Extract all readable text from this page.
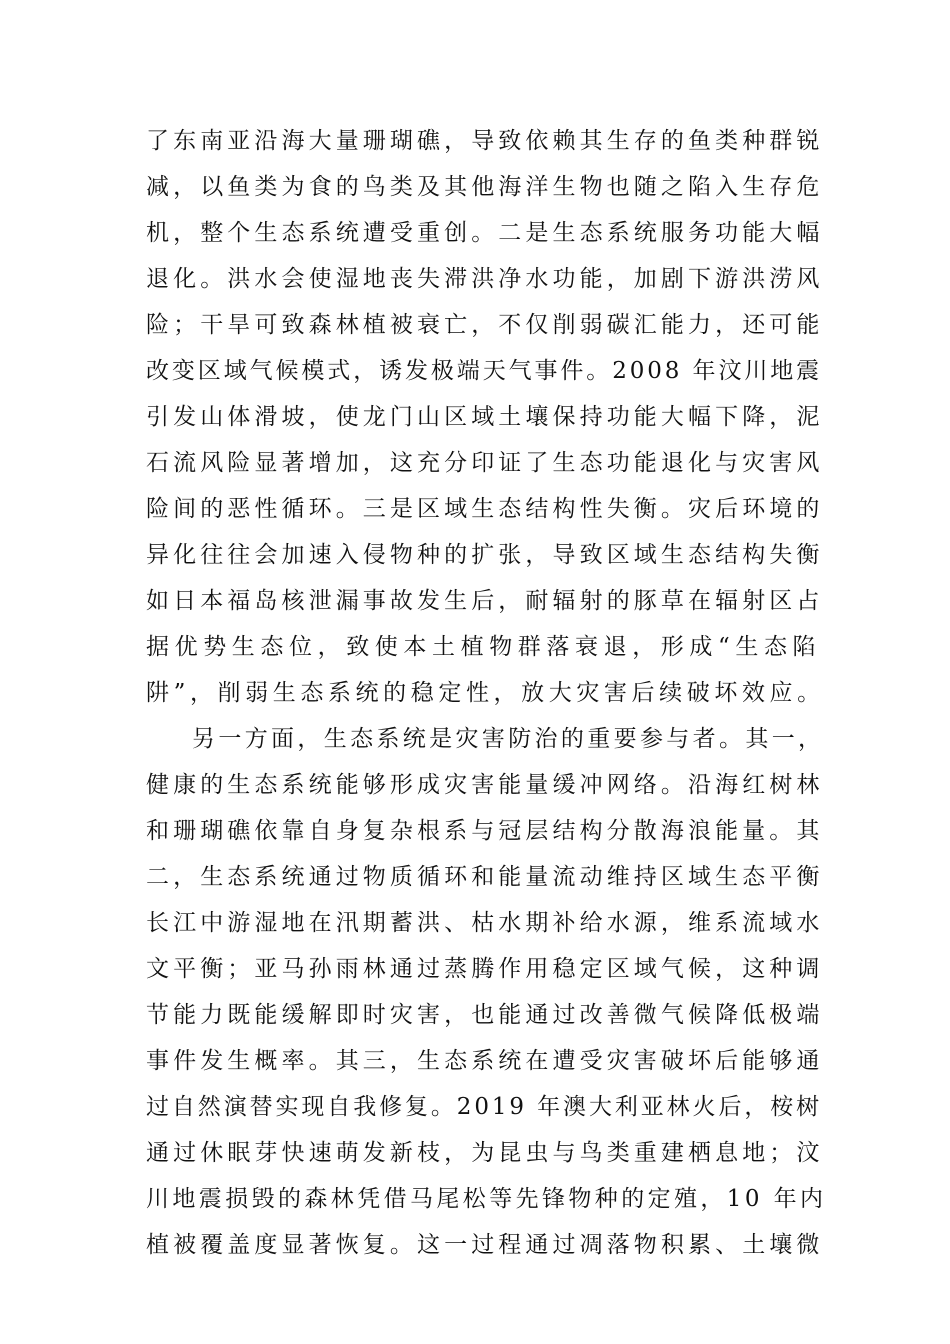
了东南亚沿海大量珊瑚礁，导致依赖其生存的鱼类种群锐
减，以鱼类为食的鸟类及其他海洋生物也随之陷入生存危
机，整个生态系统遭受重创。二是生态系统服务功能大幅
退化。洪水会使湿地丧失滞洪净水功能，加剧下游洪涝风
险；干旱可致森林植被衰亡，不仅削弱碳汇能力，还可能
改变区域气候模式，诱发极端天气事件。2008 年汶川地震
引发山体滑坡，使龙门山区域土壤保持功能大幅下降，泥
石流风险显著增加，这充分印证了生态功能退化与灾害风
险间的恶性循环。三是区域生态结构性失衡。灾后环境的
异化往往会加速入侵物种的扩张，导致区域生态结构失衡
如日本福岛核泄漏事故发生后，耐辐射的豚草在辐射区占
据优势生态位，致使本土植物群落衰退，形成“生态陷
阱”，削弱生态系统的稳定性，放大灾害后续破坏效应。
另一方面，生态系统是灾害防治的重要参与者。其一，
健康的生态系统能够形成灾害能量缓冲网络。沿海红树林
和珊瑚礁依靠自身复杂根系与冠层结构分散海浪能量。其
二，生态系统通过物质循环和能量流动维持区域生态平衡
长江中游湿地在汛期蓄洪、枯水期补给水源，维系流域水
文平衡；亚马孙雨林通过蒸腾作用稳定区域气候，这种调
节能力既能缓解即时灾害，也能通过改善微气候降低极端
事件发生概率。其三，生态系统在遭受灾害破坏后能够通
过自然演替实现自我修复。2019 年澳大利亚林火后，桉树
通过休眠芽快速萌发新枝，为昆虫与鸟类重建栖息地；汶
川地震损毁的森林凭借马尾松等先锋物种的定殖，10 年内
植被覆盖度显著恢复。这一过程通过凋落物积累、土壤微
